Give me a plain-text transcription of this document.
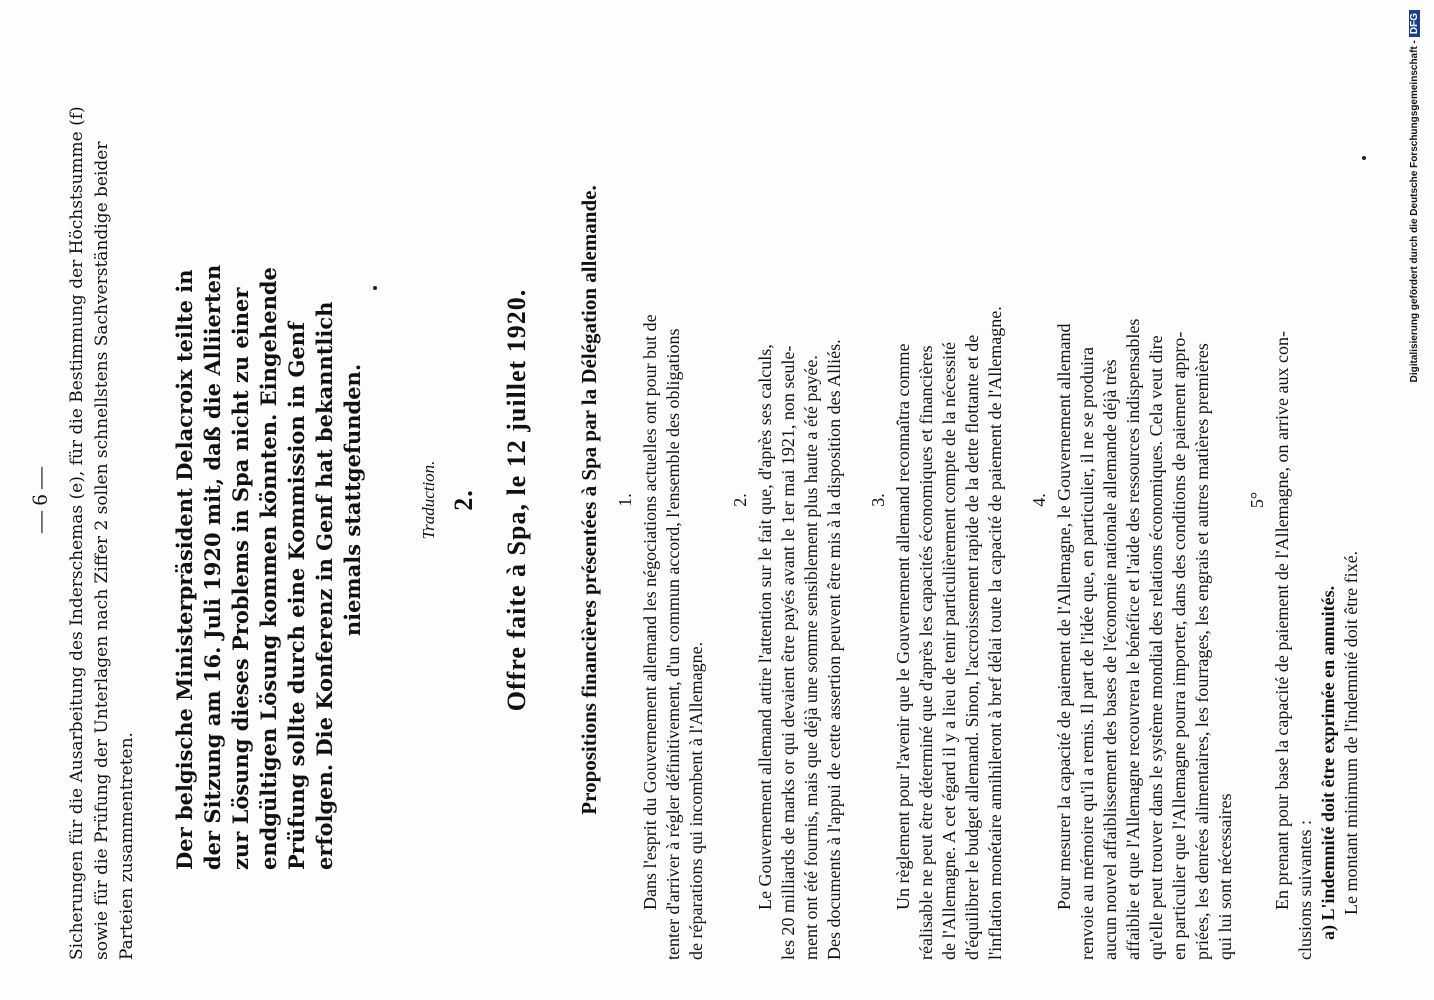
— 6 — Sicherungen für die Ausarbeitung des Inderschemas (e), für die Bestimmung der Höchstsumme (f) sowie für die Prüfung der Unterlagen nach Ziffer 2 sollen schnellstens Sachverständige beider Parteien zusammentreten. Der belgische Ministerpräsident Delacroix teilte in der Sitzung am 16. Juli 1920 mit, daß die Alliierten zur Lösung dieses Problems in Spa nicht zu einer endgültigen Lösung kommen könnten. Eingehende Prüfung sollte durch eine Kommission in Genf erfolgen. Die Konferenz in Genf hat bekanntlich niemals stattgefunden.	Traduction. 2. Offre faite à Spa, le 12 juillet 1920. Propositions financières présentées à Spa par la Délégation allemande. 1. Dans l'esprit du Gouvernement allemand les négociations actuelles ont pour but de tenter d'arriver à régler définitivement, d'un commun accord, l'ensemble des obligations de réparations qui incombent à l'Allemagne.
2. Le Gouvernement allemand attire l'attention sur le fait que, d'après ses calculs, les 20 milliards de marks or qui devaient être payés avant le 1er mai 1921, non seule- ment ont été fournis, mais que déjà une somme sensiblement plus haute a été payée. Des documents à l'appui de cette assertion peuvent être mis à la disposition des Alliés. 3. Un règlement pour l'avenir que le Gouvernement allemand reconnaîtra comme réalisable ne peut être déterminé que d'après les capacités économiques et financières de l'Allemagne. A cet égard il y a lieu de tenir particulièrement compte de la nécessité d'équilibrer le budget allemand. Sinon, l'accroissement rapide de la dette flottante et de l'inflation monétaire annihileront à bref délai toute la capacité de paiement de l'Allemagne. 4. Pour mesurer la capacité de paiement de l'Allemagne, le Gouvernement allemand renvoie au mémoire qu'il a remis. Il part de l'idée que, en particulier, il ne se produira aucun nouvel affaiblissement des bases de l'économie nationale allemande déjà très affaiblie et que l'Allemagne recouvrera le bénéfice et l'aide des ressources indispensables qu'elle peut trouver dans le système mondial des relations économiques. Cela veut dire en particulier que l'Allemagne pourra importer, dans des conditions de paiement appro- priées, les denrées alimentaires, les fourrages, les engrais et autres matières premières qui lui sont nécessaires
5° En prenant pour base la capacité de paiement de l'Allemagne, on arrive aux con- clusions suivantes : a) L'indemnité doit être exprimée en annuités. Le montant minimum de l'indemnité doit être fixé.
Digitalisierung gefördert durch die Deutsche Forschungsgemeinschaft -DFG
